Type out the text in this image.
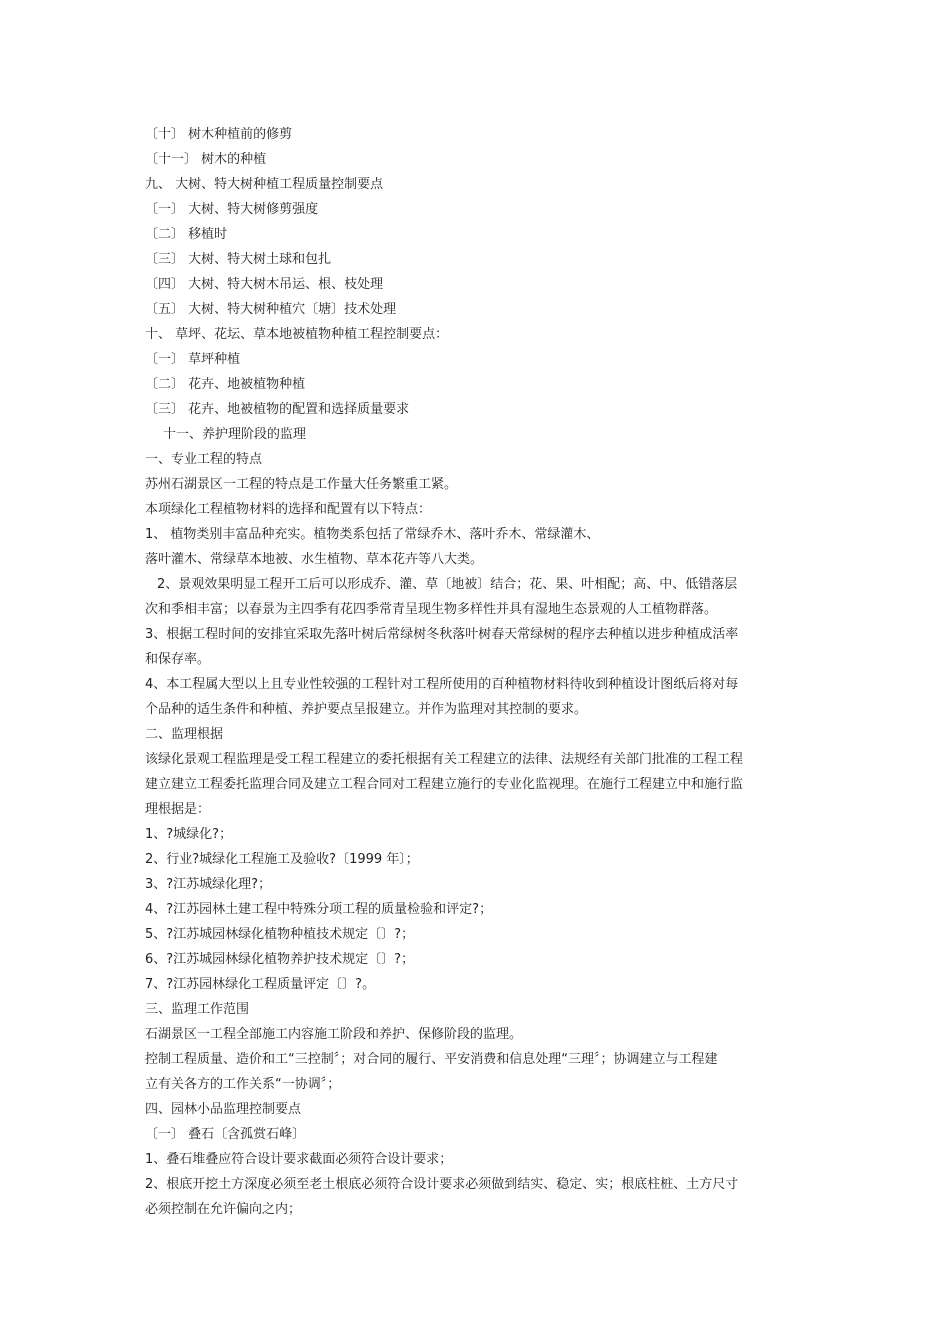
〔十〕 树木种植前的修剪
〔十一〕 树木的种植
九、 大树、特大树种植工程质量控制要点
〔一〕 大树、特大树修剪强度
〔二〕 移植时
〔三〕 大树、特大树土球和包扎
〔四〕 大树、特大树木吊运、根、枝处理
〔五〕 大树、特大树种植穴〔塘〕技术处理
十、 草坪、花坛、草本地被植物种植工程控制要点：
〔一〕 草坪种植
〔二〕 花卉、地被植物种植
〔三〕 花卉、地被植物的配置和选择质量要求
十一、养护理阶段的监理
一、专业工程的特点
苏州石湖景区一工程的特点是工作量大任务繁重工紧。
本项绿化工程植物材料的选择和配置有以下特点：
1、 植物类别丰富品种充实。植物类系包括了常绿乔木、落叶乔木、常绿灌木、
落叶灌木、常绿草本地被、水生植物、草本花卉等八大类。
2、景观效果明显工程开工后可以形成乔、灌、草〔地被〕结合；花、果、叶相配；高、中、低错落层
次和季相丰富；以春景为主四季有花四季常青呈现生物多样性并具有湿地生态景观的人工植物群落。
3、根据工程时间的安排宜采取先落叶树后常绿树冬秋落叶树春天常绿树的程序去种植以进步种植成活率
和保存率。
4、本工程属大型以上且专业性较强的工程针对工程所使用的百种植物材料待收到种植设计图纸后将对每
个品种的适生条件和种植、养护要点呈报建立。并作为监理对其控制的要求。
二、监理根据
该绿化景观工程监理是受工程工程建立的委托根据有关工程建立的法律、法规经有关部门批准的工程工程
建立建立工程委托监理合同及建立工程合同对工程建立施行的专业化监视理。在施行工程建立中和施行监
理根据是：
1、?城绿化?；
2、行业?城绿化工程施工及验收?〔1999 年〕；
3、?江苏城绿化理?；
4、?江苏园林土建工程中特殊分项工程的质量检验和评定?；
5、?江苏城园林绿化植物种植技术规定〔〕?；
6、?江苏城园林绿化植物养护技术规定〔〕?；
7、?江苏园林绿化工程质量评定〔〕?。
三、监理工作范围
石湖景区一工程全部施工内容施工阶段和养护、保修阶段的监理。
控制工程质量、造价和工“三控制〞；对合同的履行、平安消费和信息处理“三理〞；协调建立与工程建
立有关各方的工作关系“一协调〞；
四、园林小品监理控制要点
〔一〕 叠石〔含孤赏石峰〕
1、叠石堆叠应符合设计要求截面必须符合设计要求；
2、根底开挖土方深度必须至老土根底必须符合设计要求必须做到结实、稳定、实；根底柱桩、土方尺寸
必须控制在允许偏向之内；
